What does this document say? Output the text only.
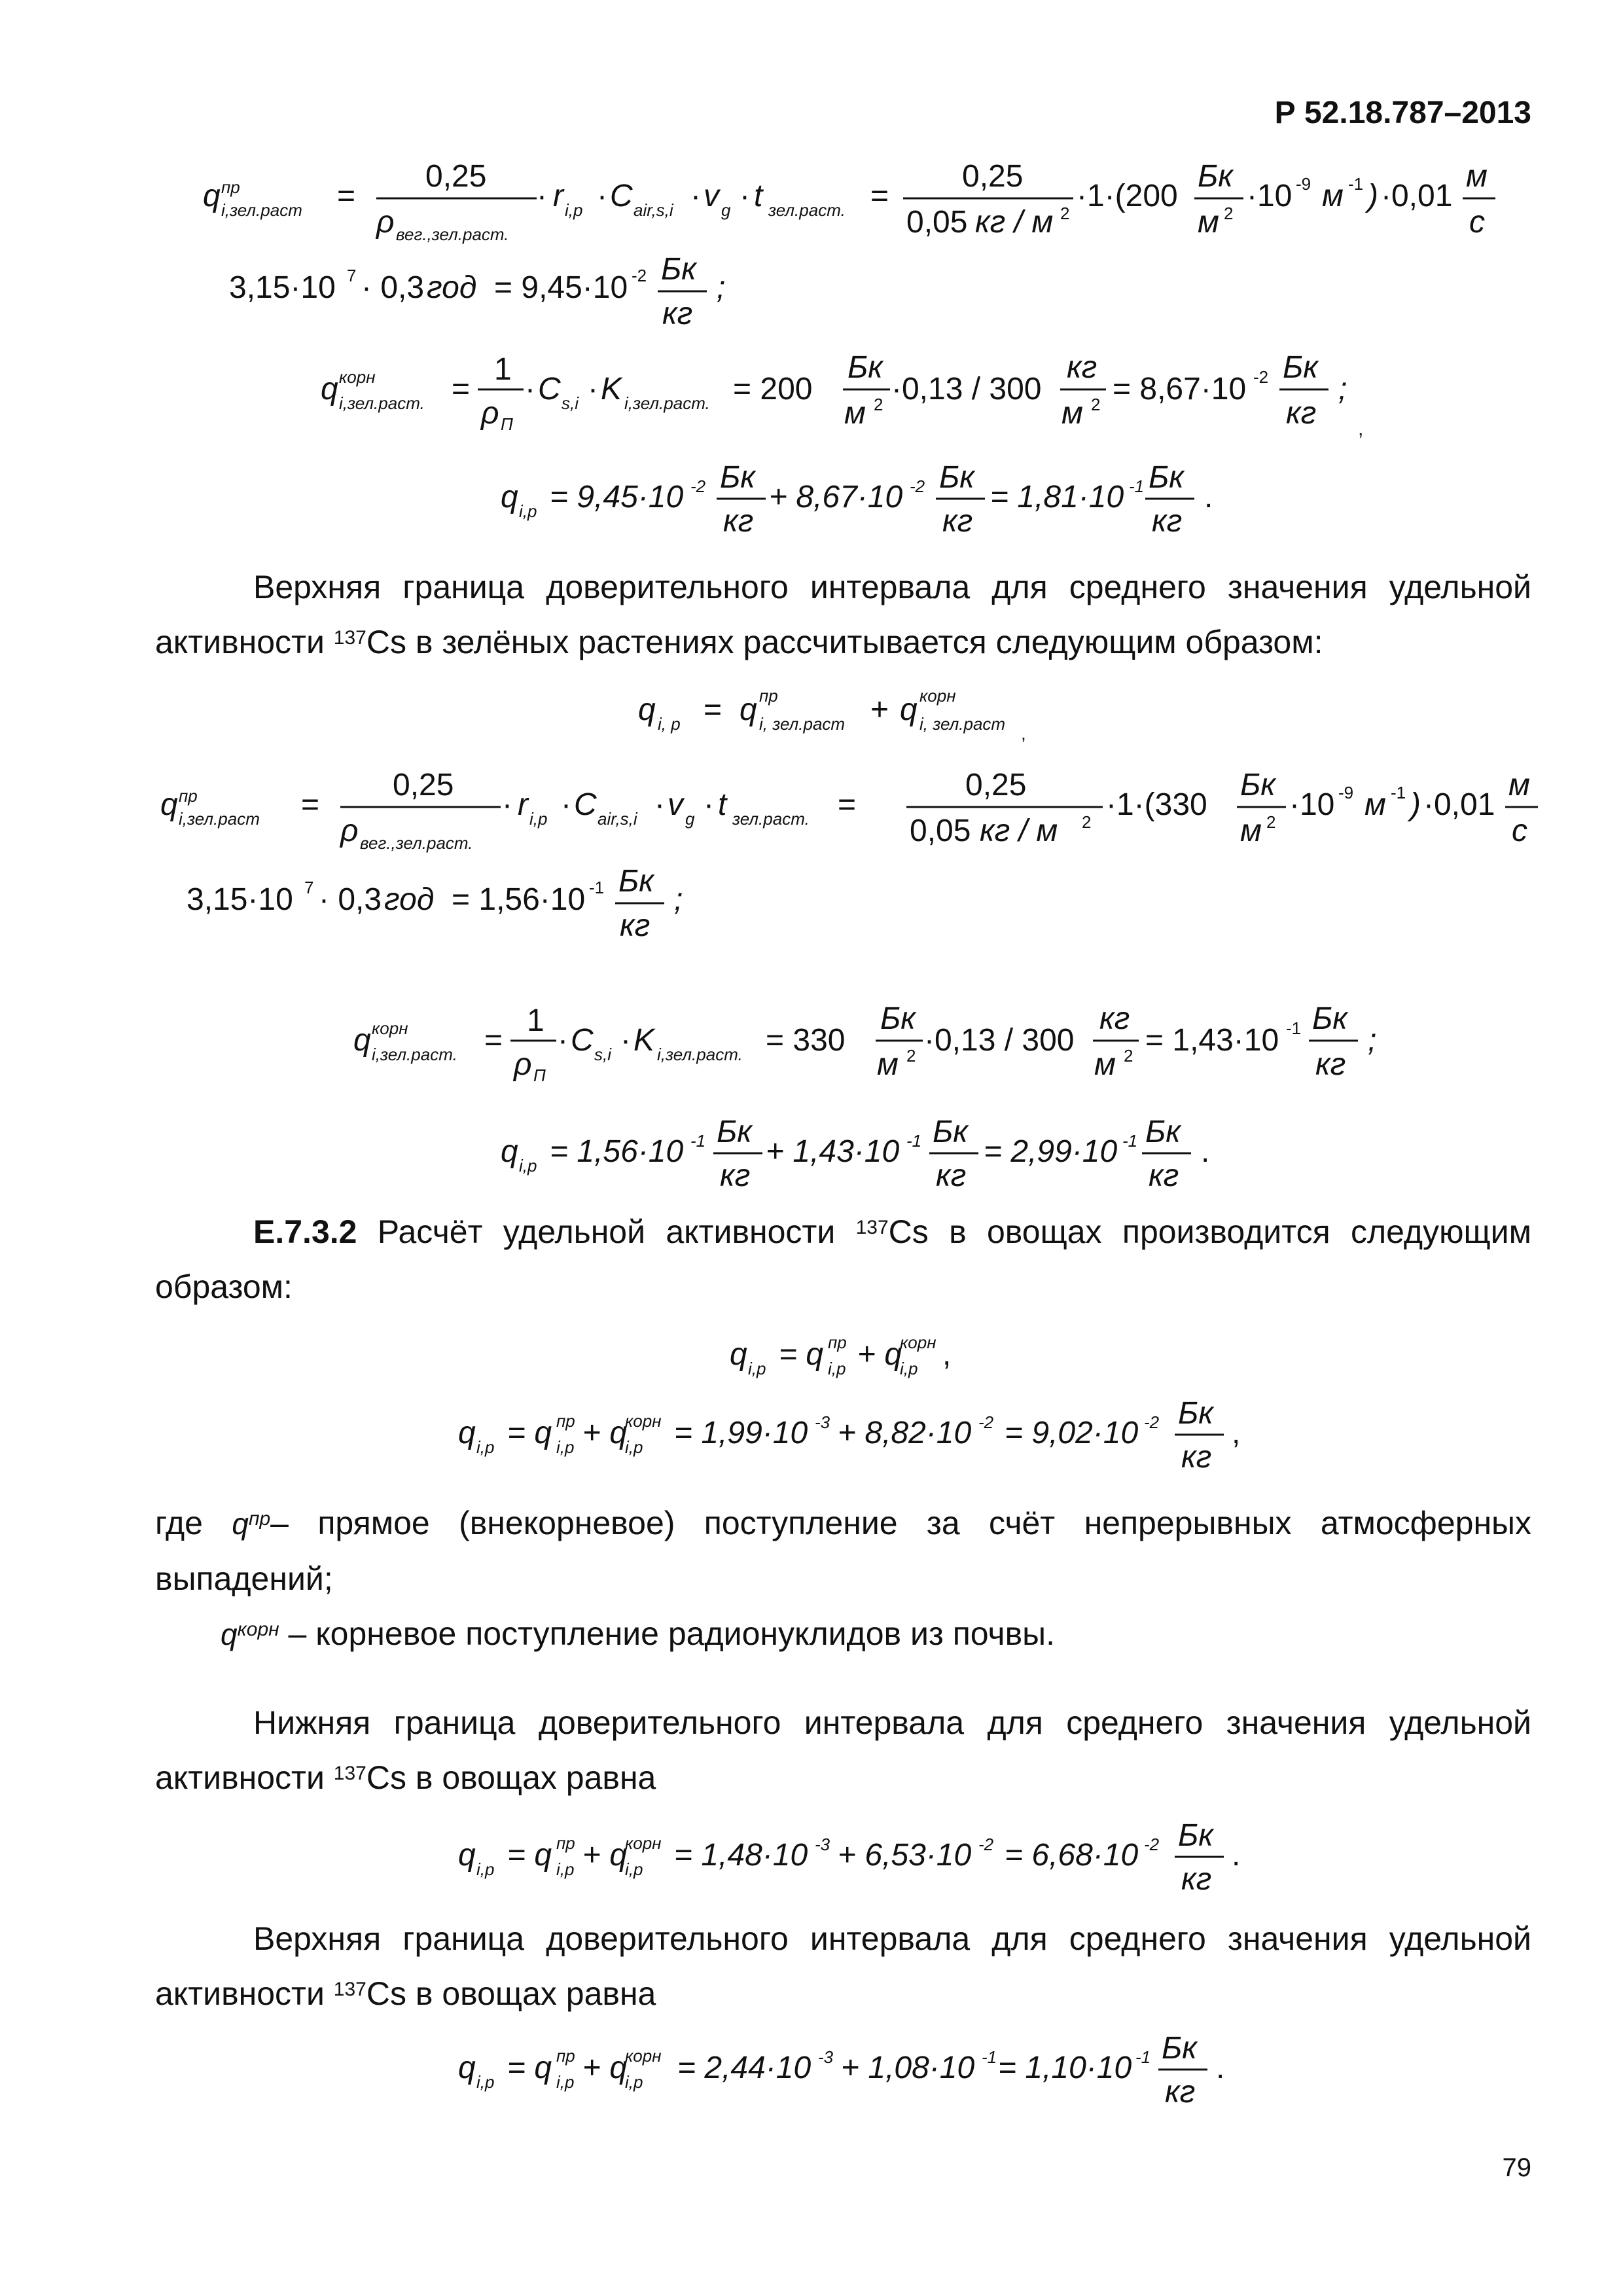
Р 52.18.787–2013
q пр
i,зел.раст =
0,25
ρ вег.,зел.раст.
· r i,p · C air,s,i · v g · t зел.раст. =
0,25
0,05 кг / м 2 ·1·(200
Бк
м 2 ·10 -9 м -1 ) ·0,01
м
с
3,15·10 7 · 0,3 год = 9,45·10 -2 Бк
кг
;
q корн
i,зел.раст. =
1
ρ П
· C s,i · K i,зел.раст. = 200
Бк
м 2 ·0,13 / 300
кг
м 2 = 8,67·10 -2 Бк
кг
;
,
q i,p = 9,45·10 -2 Бк
кг
+ 8,67·10 -2 Бк
кг
= 1,81·10 -1 Бк
кг
.
Верхняя граница доверительного интервала для среднего значения удельной
активности $^{137}$Cs в зелёных растениях рассчитывается следующим образом:
q i, p = q пр
i, зел.раст + q корн
i, зел.раст ,
q пр
i,зел.раст =
0,25
ρ вег.,зел.раст.
· r i,p · C air,s,i · v g · t зел.раст. =
0,25
0,05 кг / м 2 ·1·(330
Бк
м 2 ·10 -9 м -1 ) ·0,01
м
с
3,15·10 7 · 0,3 год = 1,56·10 -1 Бк
кг
;
q корн
i,зел.раст. =
1
ρ П
· C s,i · K i,зел.раст. = 330
Бк
м 2 ·0,13 / 300
кг
м 2 = 1,43·10 -1 Бк
кг
;
q i,p = 1,56·10 -1 Бк
кг
+ 1,43·10 -1 Бк
кг
= 2,99·10 -1 Бк
кг
.
Е.7.3.2 Расчёт удельной активности $^{137}$Cs в овощах производится следующим
образом:
q i,p = q пр
i,p + q
корн
i,p ,
q i,p = q пр
i,p + q
корн
i,p = 1,99·10 -3 + 8,82·10 -2 = 9,02·10 -2 Бк
кг
,
где $q^{пр}-$ прямое (внекорневое) поступление за счёт непрерывных атмосферных
выпадений;
$q^{корн}$ – корневое поступление радионуклидов из почвы.
Нижняя граница доверительного интервала для среднего значения удельной
активности $^{137}$Cs в овощах равна
q i,p = q пр
i,p + q
корн
i,p = 1,48·10 -3 + 6,53·10 -2 = 6,68·10 -2 Бк
кг
.
Верхняя граница доверительного интервала для среднего значения удельной
активности $^{137}$Cs в овощах равна
q i,p = q пр
i,p + q
корн
i,p = 2,44·10 -3 + 1,08·10 -1 = 1,10·10 -1 Бк
кг
.
79
